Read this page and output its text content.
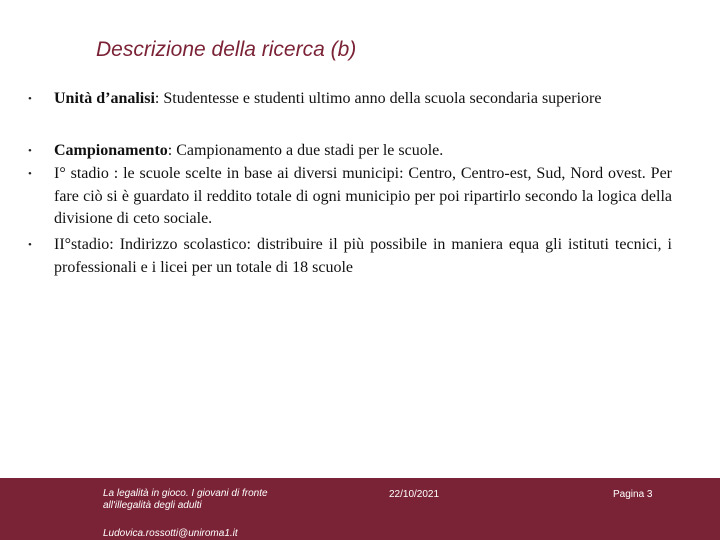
Descrizione della ricerca (b)
• Unità d’analisi: Studentesse e studenti ultimo anno della scuola secondaria superiore

• Campionamento: Campionamento a due stadi per le scuole.

• I° stadio : le scuole scelte in base ai diversi municipi: Centro, Centro-est, Sud, Nord ovest. Per fare ciò si è guardato il reddito totale di ogni municipio per poi ripartirlo secondo la logica della divisione di ceto sociale.

• II°stadio: Indirizzo scolastico: distribuire il più possibile in maniera equa gli istituti tecnici, i professionali e i licei per un totale di 18 scuole

La legalità in gioco. I giovani di fronte all'illegalità degli adulti
Ludovica.rossotti@uniroma1.it
22/10/2021	Pagina 3
